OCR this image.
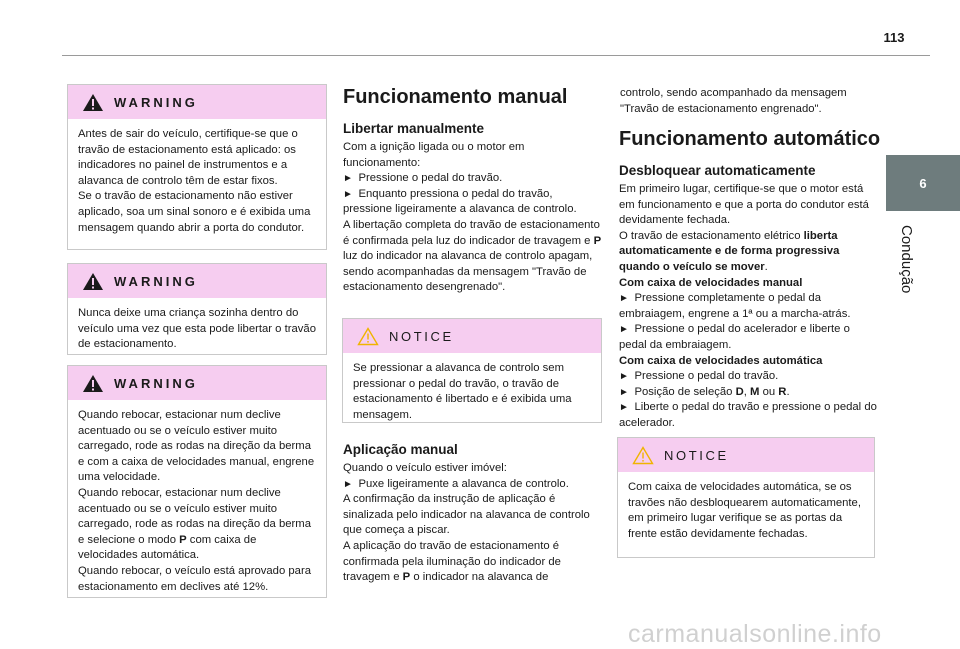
113
6
Condução
WARNING
Antes de sair do veículo, certifique-se que o travão de estacionamento está aplicado: os indicadores no painel de instrumentos e a alavanca de controlo têm de estar fixos.
Se o travão de estacionamento não estiver aplicado, soa um sinal sonoro e é exibida uma mensagem quando abrir a porta do condutor.
WARNING
Nunca deixe uma criança sozinha dentro do veículo uma vez que esta pode libertar o travão de estacionamento.
WARNING
Quando rebocar, estacionar num declive acentuado ou se o veículo estiver muito carregado, rode as rodas na direção da berma e com a caixa de velocidades manual, engrene uma velocidade.
Quando rebocar, estacionar num declive acentuado ou se o veículo estiver muito carregado, rode as rodas na direção da berma e selecione o modo P com caixa de velocidades automática.
Quando rebocar, o veículo está aprovado para estacionamento em declives até 12%.
Funcionamento manual
Libertar manualmente

Com a ignição ligada ou o motor em funcionamento:

►  Pressione o pedal do travão.

►  Enquanto pressiona o pedal do travão, pressione ligeiramente a alavanca de controlo.

A libertação completa do travão de estacionamento é confirmada pela luz do indicador de travagem e P luz do indicador na alavanca de controlo apagam, sendo acompanhadas da mensagem "Travão de estacionamento desengrenado".

NOTICE
Se pressionar a alavanca de controlo sem pressionar o pedal do travão, o travão de estacionamento é libertado e é exibida uma mensagem.
Aplicação manual

Quando o veículo estiver imóvel:

►  Puxe ligeiramente a alavanca de controlo.

A confirmação da instrução de aplicação é sinalizada pelo indicador na alavanca de controlo que começa a piscar.

A aplicação do travão de estacionamento é confirmada pela iluminação do indicador de travagem e P o indicador na alavanca de

controlo, sendo acompanhado da mensagem "Travão de estacionamento engrenado".
Funcionamento automático
Desbloquear automaticamente

Em primeiro lugar, certifique-se que o motor está em funcionamento e que a porta do condutor está devidamente fechada.

O travão de estacionamento elétrico liberta automaticamente e de forma progressiva quando o veículo se mover.

Com caixa de velocidades manual

►  Pressione completamente o pedal da embraiagem, engrene a 1ª ou a marcha-atrás.

►  Pressione o pedal do acelerador e liberte o pedal da embraiagem.

Com caixa de velocidades automática

►  Pressione o pedal do travão.

►  Posição de seleção D, M ou R.

►  Liberte o pedal do travão e pressione o pedal do acelerador.

NOTICE
Com caixa de velocidades automática, se os travões não desbloquearem automaticamente, em primeiro lugar verifique se as portas da frente estão devidamente fechadas.
carmanualsonline.info
